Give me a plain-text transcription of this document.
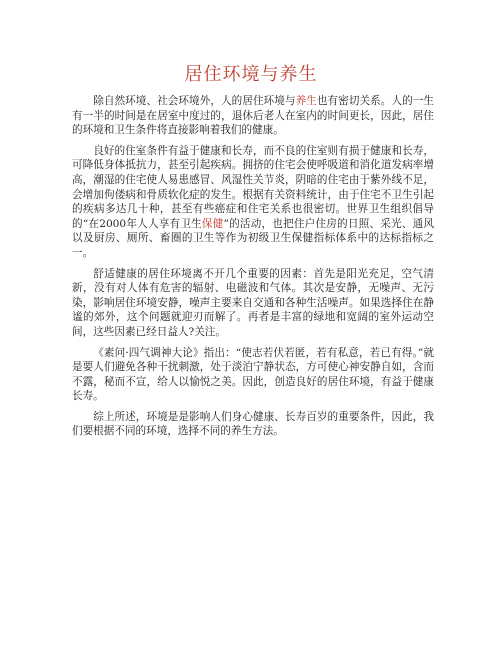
居住环境与养生

除自然环境、社会环境外，人的居住环境与养生也有密切关系。人的一生有一半的时间是在居室中度过的，退休后老人在室内的时间更长，因此，居住的环境和卫生条件将直接影响着我们的健康。

良好的住室条件有益于健康和长寿，而不良的住室则有损于健康和长寿，可降低身体抵抗力，甚至引起疾病。拥挤的住宅会使呼吸道和消化道发病率增高，潮湿的住宅使人易患感冒、风湿性关节炎，阴暗的住宅由于紫外线不足，会增加佝偻病和骨质软化症的发生。根据有关资料统计，由于住宅不卫生引起的疾病多达几十种，甚至有些癌症和住宅关系也很密切。世界卫生组织倡导的“在2000年人人享有卫生保健”的活动，也把住户住房的日照、采光、通风以及厨房、厕所、畜圈的卫生等作为初级卫生保健指标体系中的达标指标之一。

舒适健康的居住环境离不开几个重要的因素：首先是阳光充足，空气清新，没有对人体有危害的辐射、电磁波和气体。其次是安静，无噪声、无污染，影响居住环境安静，噪声主要来自交通和各种生活噪声。如果选择住在静谧的郊外，这个问题就迎刃而解了。再者是丰富的绿地和宽阔的室外运动空间，这些因素已经日益人?关注。

《素问·四气调神大论》指出：“使志若伏若匿，若有私意，若已有得。”就是要人们避免各种干扰刺激，处于淡泊宁静状态，方可使心神安静自如，含而不露，秘而不宣，给人以愉悦之美。因此，创造良好的居住环境，有益于健康长寿。

综上所述，环境是是影响人们身心健康、长寿百岁的重要条件，因此，我们要根据不同的环境，选择不同的养生方法。
